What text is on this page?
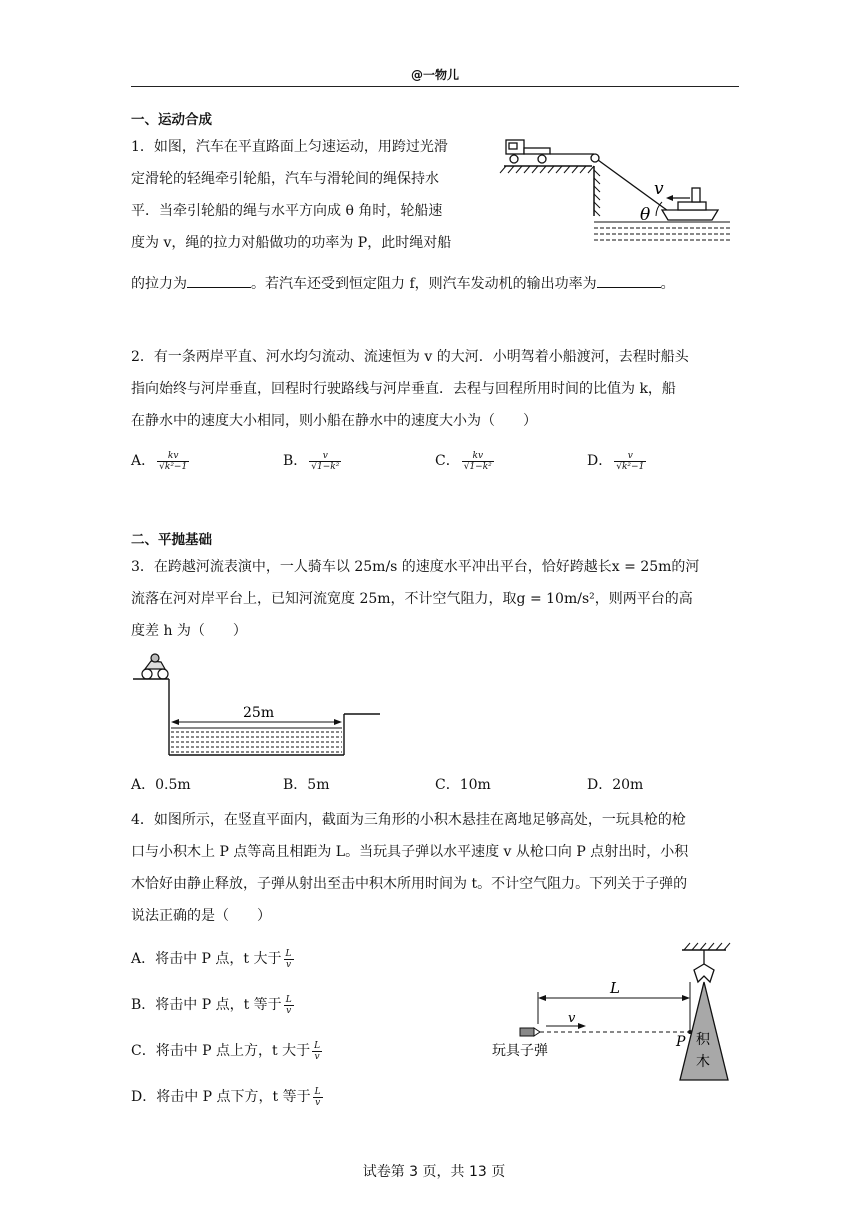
@一物儿
一、运动合成
1．如图，汽车在平直路面上匀速运动，用跨过光滑
定滑轮的轻绳牵引轮船，汽车与滑轮间的绳保持水
平．当牵引轮船的绳与水平方向成 θ 角时，轮船速
度为 v，绳的拉力对船做功的功率为 P，此时绳对船
的拉力为	。若汽车还受到恒定阻力 f，则汽车发动机的输出功率为	。
θ
v
2．有一条两岸平直、河水均匀流动、流速恒为 v 的大河．小明驾着小船渡河，去程时船头
指向始终与河岸垂直，回程时行驶路线与河岸垂直．去程与回程所用时间的比值为 k，船
在静水中的速度大小相同，则小船在静水中的速度大小为（　　）
A． $\frac{kv}{\text{√k²−1}}$	B． $\frac{v}{\text{√1−k²}}$	C． $\frac{kv}{\text{√1−k²}}$	D． $\frac{v}{\text{√k²−1}}$
二、平抛基础
3．在跨越河流表演中，一人骑车以 25m/s 的速度水平冲出平台，恰好跨越长x = 25m的河
流落在河对岸平台上，已知河流宽度 25m，不计空气阻力，取g = 10m/s²，则两平台的高
度差 h 为（　　）
25m
A．0.5m	B．5m	C．10m	D．20m
4．如图所示，在竖直平面内，截面为三角形的小积木悬挂在离地足够高处，一玩具枪的枪
口与小积木上 P 点等高且相距为 L。当玩具子弹以水平速度 v 从枪口向 P 点射出时，小积
木恰好由静止释放，子弹从射出至击中积木所用时间为 t。不计空气阻力。下列关于子弹的
说法正确的是（　　）
A．将击中 P 点，t 大于 $\frac{L}{v}$
B．将击中 P 点，t 等于 $\frac{L}{v}$
C．将击中 P 点上方，t 大于 $\frac{L}{v}$
D．将击中 P 点下方，t 等于 $\frac{L}{v}$
积
木
P
L
v
玩具子弹
试卷第 3 页，共 13 页
